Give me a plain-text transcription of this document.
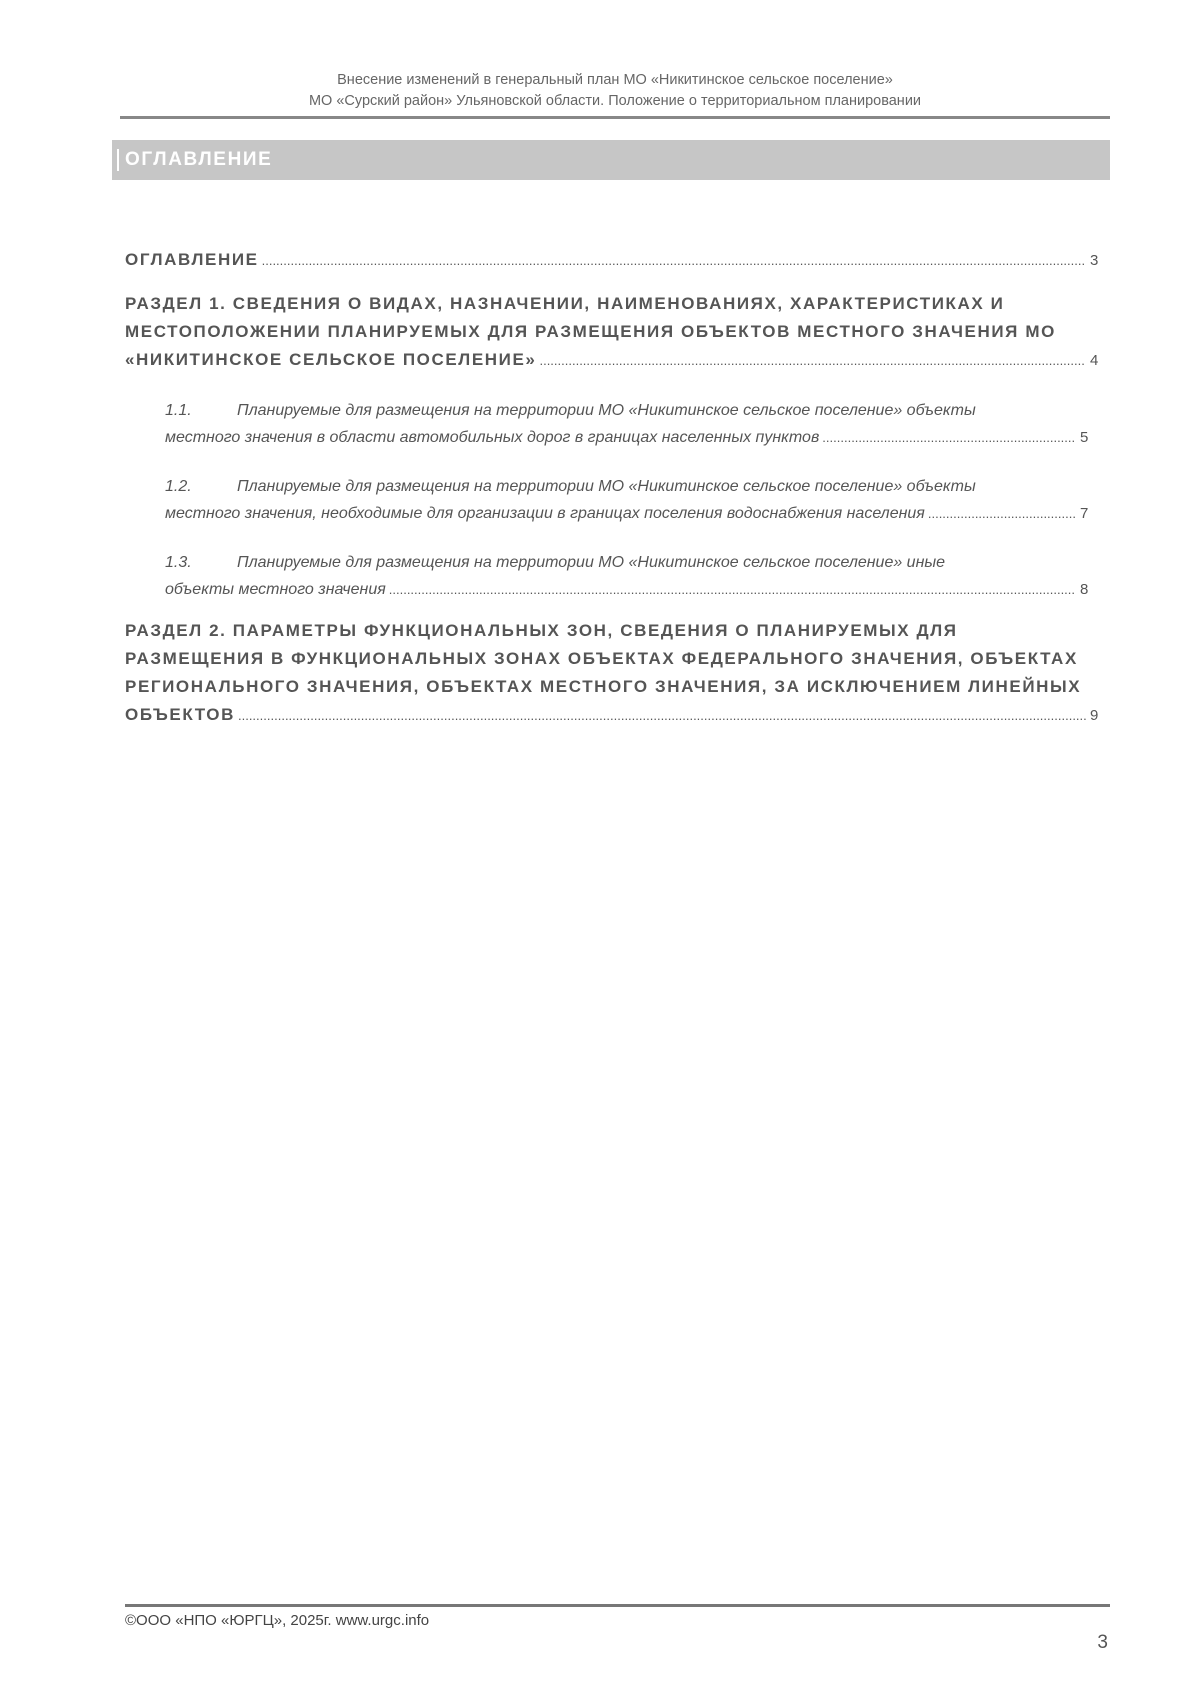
Внесение изменений в генеральный план МО «Никитинское сельское поселение»
МО «Сурский район» Ульяновской области. Положение о территориальном планировании
ОГЛАВЛЕНИЕ
ОГЛАВЛЕНИЕ .....	3
РАЗДЕЛ 1. СВЕДЕНИЯ О ВИДАХ, НАЗНАЧЕНИИ, НАИМЕНОВАНИЯХ, ХАРАКТЕРИСТИКАХ И
МЕСТОПОЛОЖЕНИИ ПЛАНИРУЕМЫХ ДЛЯ РАЗМЕЩЕНИЯ ОБЪЕКТОВ МЕСТНОГО ЗНАЧЕНИЯ МО
«НИКИТИНСКОЕ СЕЛЬСКОЕ ПОСЕЛЕНИЕ» .....	4
1.1.	Планируемые для размещения на территории МО «Никитинское сельское поселение» объекты
местного значения в области автомобильных дорог в границах населенных пунктов .....	5
1.2.	Планируемые для размещения на территории МО «Никитинское сельское поселение» объекты
местного значения, необходимые для организации в границах поселения водоснабжения населения .....	7
1.3.	Планируемые для размещения на территории МО «Никитинское сельское поселение» иные
объекты местного значения .....	8
РАЗДЕЛ 2. ПАРАМЕТРЫ ФУНКЦИОНАЛЬНЫХ ЗОН, СВЕДЕНИЯ О ПЛАНИРУЕМЫХ ДЛЯ
РАЗМЕЩЕНИЯ В ФУНКЦИОНАЛЬНЫХ ЗОНАХ ОБЪЕКТАХ ФЕДЕРАЛЬНОГО ЗНАЧЕНИЯ, ОБЪЕКТАХ
РЕГИОНАЛЬНОГО ЗНАЧЕНИЯ, ОБЪЕКТАХ МЕСТНОГО ЗНАЧЕНИЯ, ЗА ИСКЛЮЧЕНИЕМ ЛИНЕЙНЫХ
ОБЪЕКТОВ .....	9
©ООО «НПО «ЮРГЦ», 2025г. www.urgc.info
3
